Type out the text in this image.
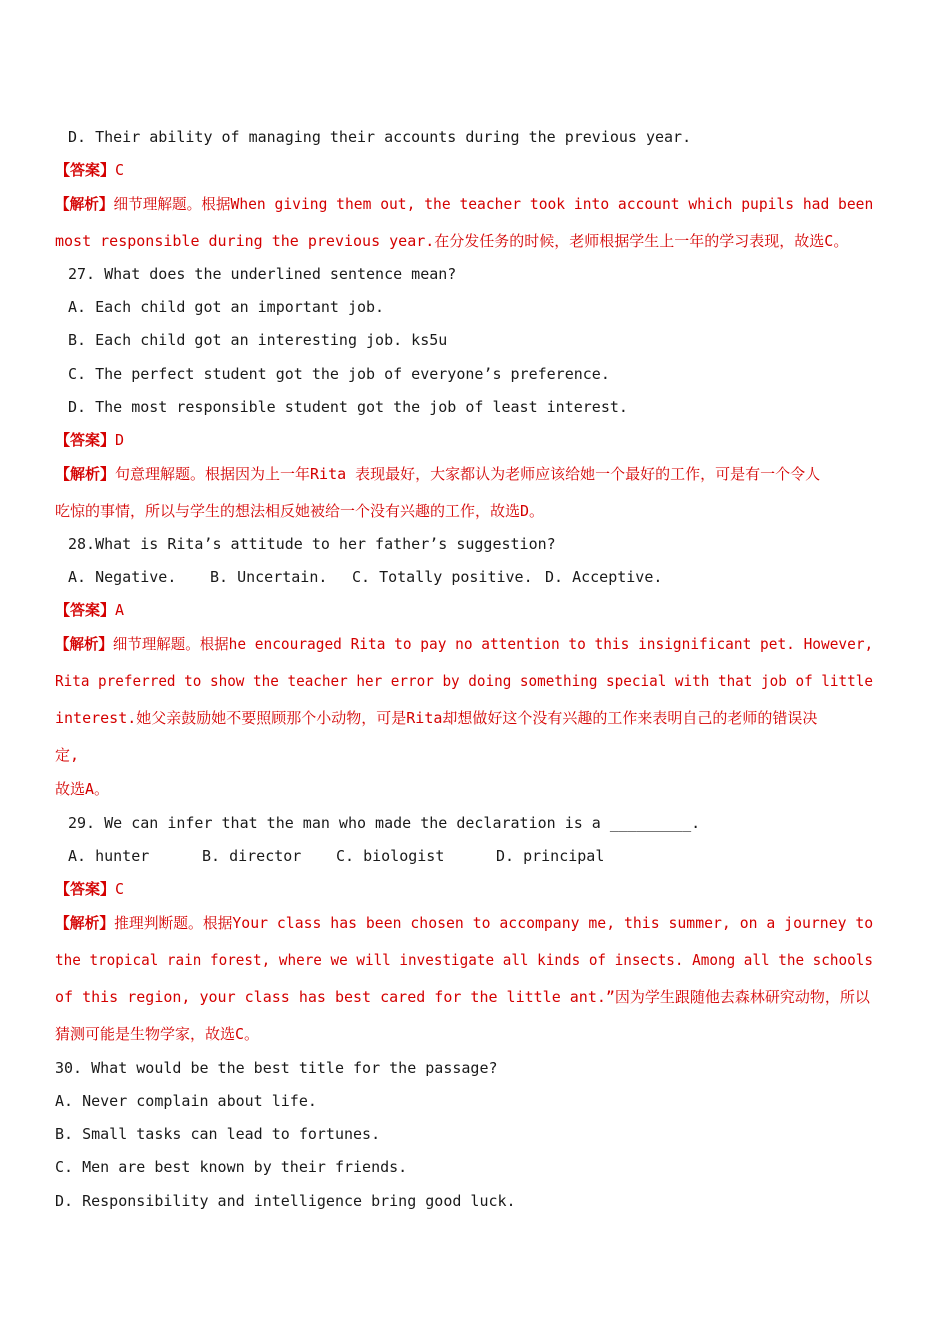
D. Their ability of managing their accounts during the previous year.
【答案】C
【解析】细节理解题。根据When giving them out, the teacher took into account which pupils had been
most responsible during the previous year.在分发任务的时候，老师根据学生上一年的学习表现，故选C。
27. What does the underlined sentence mean?
A. Each child got an important job.
B. Each child got an interesting job. ks5u
C. The perfect student got the job of everyone’s preference.
D. The most responsible student got the job of least interest.
【答案】D
【解析】句意理解题。根据因为上一年Rita 表现最好，大家都认为老师应该给她一个最好的工作，可是有一个令人
吃惊的事情，所以与学生的想法相反她被给一个没有兴趣的工作，故选D。
28.What is Rita’s attitude to her father’s suggestion?
A. Negative. B. Uncertain. C. Totally positive. D. Acceptive.
【答案】A
【解析】细节理解题。根据he encouraged Rita to pay no attention to this insignificant pet. However,
Rita preferred to show the teacher her error by doing something special with that job of little
interest.她父亲鼓励她不要照顾那个小动物，可是Rita却想做好这个没有兴趣的工作来表明自己的老师的错误决
定,
故选A。
29. We can infer that the man who made the declaration is a _________.
A. hunter	B. director C. biologist	D. principal
【答案】C
【解析】推理判断题。根据Your class has been chosen to accompany me, this summer, on a journey to
the tropical rain forest, where we will investigate all kinds of insects. Among all the schools
of this region, your class has best cared for the little ant.”因为学生跟随他去森林研究动物，所以
猜测可能是生物学家，故选C。
30. What would be the best title for the passage?
A. Never complain about life.
B. Small tasks can lead to fortunes.
C. Men are best known by their friends.
D. Responsibility and intelligence bring good luck.
